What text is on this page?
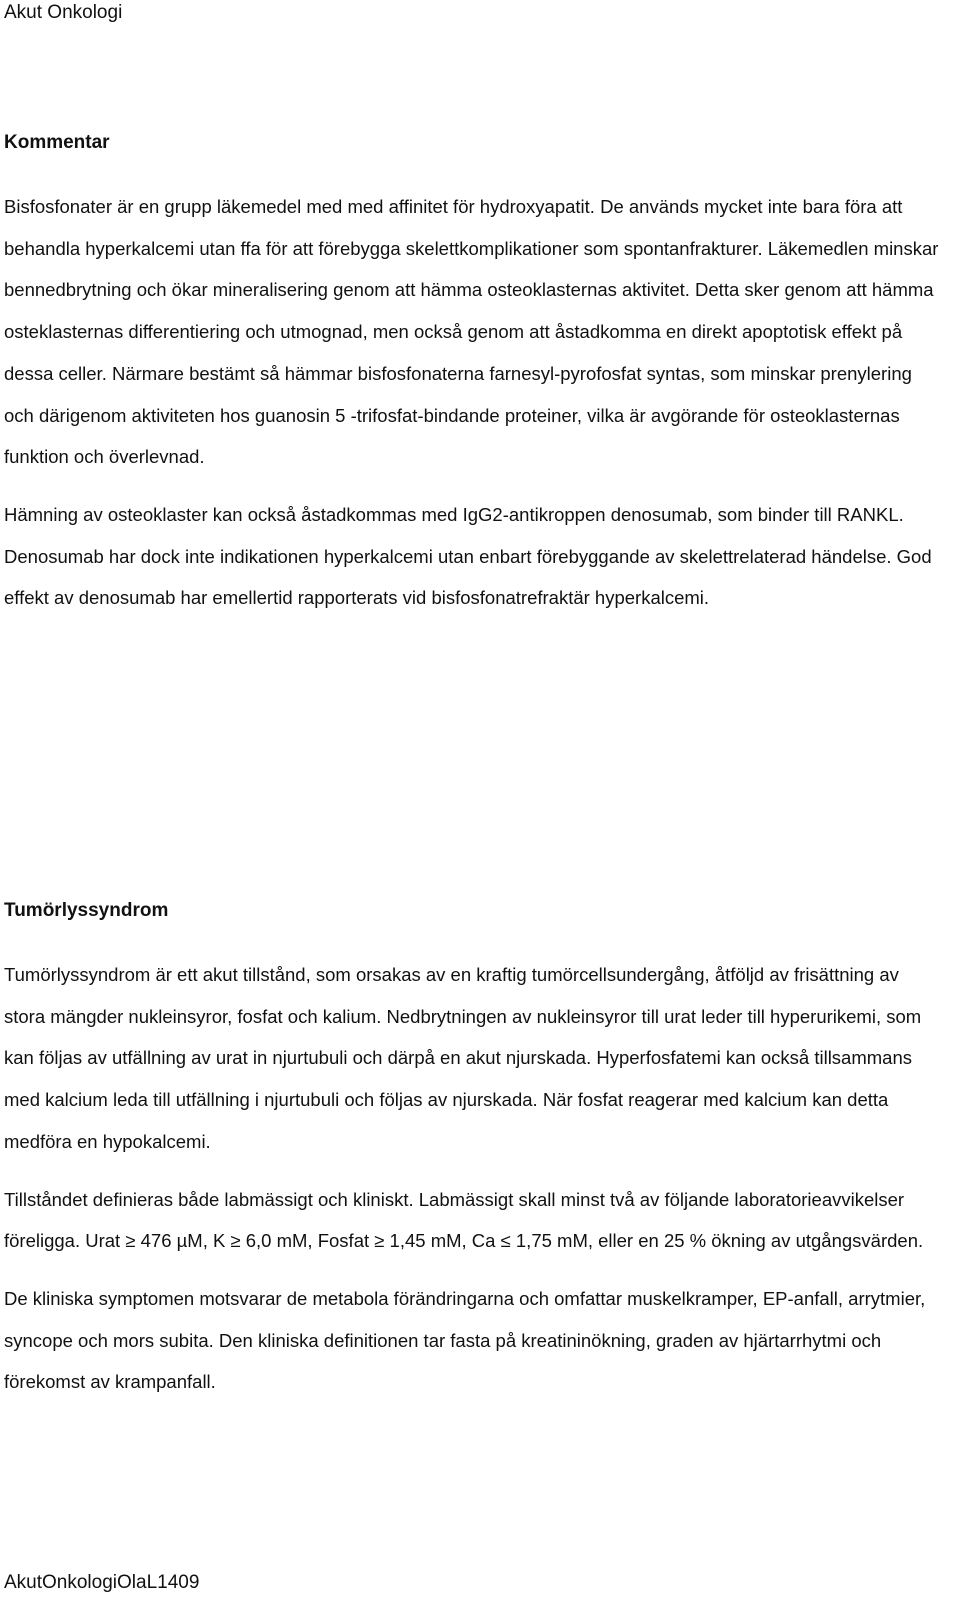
Akut Onkologi
Kommentar

Bisfosfonater är en grupp läkemedel med med affinitet för hydroxyapatit. De används mycket inte bara föra att behandla hyperkalcemi utan ffa för att förebygga skelettkomplikationer som spontanfrakturer. Läkemedlen minskar bennedbrytning och ökar mineralisering genom att hämma osteoklasternas aktivitet. Detta sker genom att hämma osteklasternas differentiering och utmognad, men också genom att åstadkomma en direkt apoptotisk effekt på dessa celler. Närmare bestämt så hämmar bisfosfonaterna farnesyl-pyrofosfat syntas, som minskar prenylering och därigenom aktiviteten hos guanosin 5 -trifosfat-bindande proteiner, vilka är avgörande för osteoklasternas funktion och överlevnad.

Hämning av osteoklaster kan också åstadkommas med IgG2-antikroppen denosumab, som binder till RANKL. Denosumab har dock inte indikationen hyperkalcemi utan enbart förebyggande av skelettrelaterad händelse. God effekt av denosumab har emellertid rapporterats vid bisfosfonatrefraktär hyperkalcemi.

Tumörlyssyndrom

Tumörlyssyndrom är ett akut tillstånd, som orsakas av en kraftig tumörcellsundergång, åtföljd av frisättning av stora mängder nukleinsyror, fosfat och kalium. Nedbrytningen av nukleinsyror till urat leder till hyperurikemi, som kan följas av utfällning av urat in njurtubuli och därpå en akut njurskada. Hyperfosfatemi kan också tillsammans med kalcium leda till utfällning i njurtubuli och följas av njurskada. När fosfat reagerar med kalcium kan detta medföra en hypokalcemi.

Tillståndet definieras både labmässigt och kliniskt. Labmässigt skall minst två av följande laboratorieavvikelser föreligga. Urat ≥ 476 µM, K ≥ 6,0 mM, Fosfat ≥ 1,45 mM, Ca ≤ 1,75 mM, eller en 25 % ökning av utgångsvärden.

De kliniska symptomen motsvarar de metabola förändringarna och omfattar muskelkramper, EP-anfall, arrytmier, syncope och mors subita. Den kliniska definitionen tar fasta på kreatininökning, graden av hjärtarrhytmi och förekomst av krampanfall.

AkutOnkologiOlaL1409
